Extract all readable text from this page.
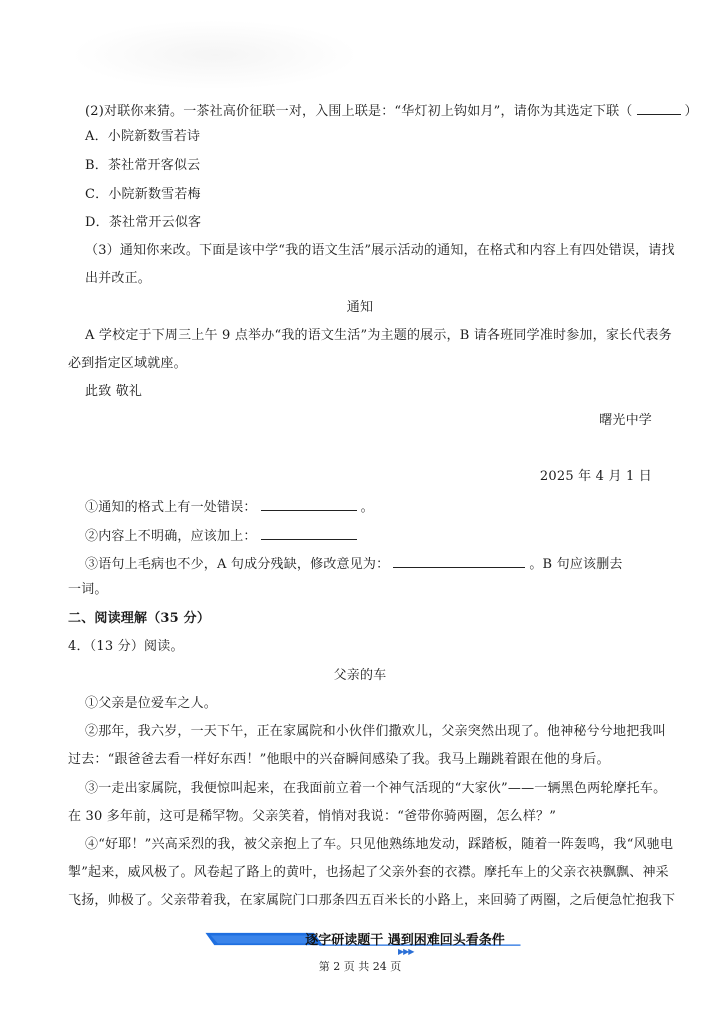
(2)对联你来猜。一茶社高价征联一对，入围上联是：“华灯初上钩如月”，请你为其选定下联（	）
A．小院新数雪若诗
B．茶社常开客似云
C．小院新数雪若梅
D．茶社常开云似客
（3）通知你来改。下面是该中学“我的语文生活”展示活动的通知，在格式和内容上有四处错误，请找
出并改正。
通知
A 学校定于下周三上午 9 点举办“我的语文生活”为主题的展示，B 请各班同学准时参加，家长代表务
必到指定区域就座。
此致 敬礼
曙光中学
2025 年 4 月 1 日
①通知的格式上有一处错误：	。
②内容上不明确，应该加上：
③语句上毛病也不少，A 句成分残缺，修改意见为：	。B 句应该删去
一词。
二、阅读理解（35 分）
4．（13 分）阅读。
父亲的车
①父亲是位爱车之人。
②那年，我六岁，一天下午，正在家属院和小伙伴们撒欢儿，父亲突然出现了。他神秘兮兮地把我叫
过去：“跟爸爸去看一样好东西！”他眼中的兴奋瞬间感染了我。我马上蹦跳着跟在他的身后。
③一走出家属院，我便惊叫起来，在我面前立着一个神气活现的“大家伙”——一辆黑色两轮摩托车。
在 30 多年前，这可是稀罕物。父亲笑着，悄悄对我说：“爸带你骑两圈，怎么样？”
④“好耶！”兴高采烈的我，被父亲抱上了车。只见他熟练地发动，踩踏板，随着一阵轰鸣，我“风驰电
掣”起来，威风极了。风卷起了路上的黄叶，也扬起了父亲外套的衣襟。摩托车上的父亲衣袂飘飘、神采
飞扬，帅极了。父亲带着我，在家属院门口那条四五百米长的小路上，来回骑了两圈，之后便急忙抱我下
逐字研读题干 遇到困难回头看条件
▶▶▶
第 2 页 共 24 页
